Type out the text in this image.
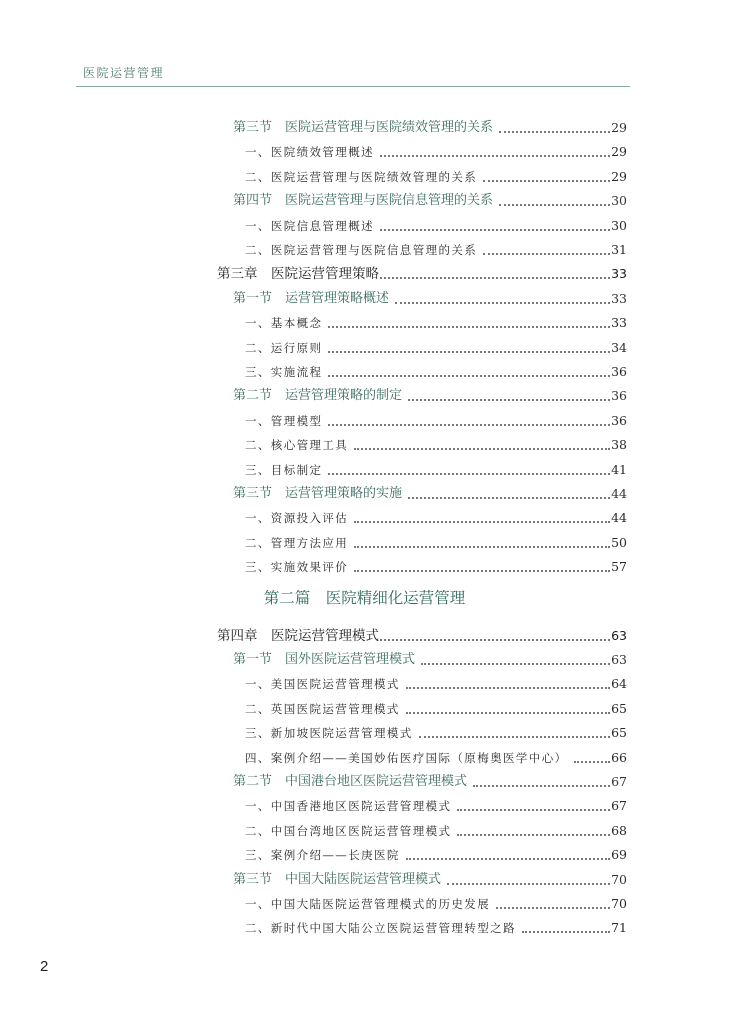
医院运营管理
第三节　医院运营管理与医院绩效管理的关系	29
一、医院绩效管理概述	29
二、医院运营管理与医院绩效管理的关系	29
第四节　医院运营管理与医院信息管理的关系	30
一、医院信息管理概述	30
二、医院运营管理与医院信息管理的关系	31
第三章　医院运营管理策略	33
第一节　运营管理策略概述	33
一、基本概念	33
二、运行原则	34
三、实施流程	36
第二节　运营管理策略的制定	36
一、管理模型	36
二、核心管理工具	38
三、目标制定	41
第三节　运营管理策略的实施	44
一、资源投入评估	44
二、管理方法应用	50
三、实施效果评价	57
第二篇　医院精细化运营管理
第四章　医院运营管理模式	63
第一节　国外医院运营管理模式	63
一、美国医院运营管理模式	64
二、英国医院运营管理模式	65
三、新加坡医院运营管理模式	65
四、案例介绍——美国妙佑医疗国际（原梅奥医学中心）	66
第二节　中国港台地区医院运营管理模式	67
一、中国香港地区医院运营管理模式	67
二、中国台湾地区医院运营管理模式	68
三、案例介绍——长庚医院	69
第三节　中国大陆医院运营管理模式	70
一、中国大陆医院运营管理模式的历史发展	70
二、新时代中国大陆公立医院运营管理转型之路	71
2
